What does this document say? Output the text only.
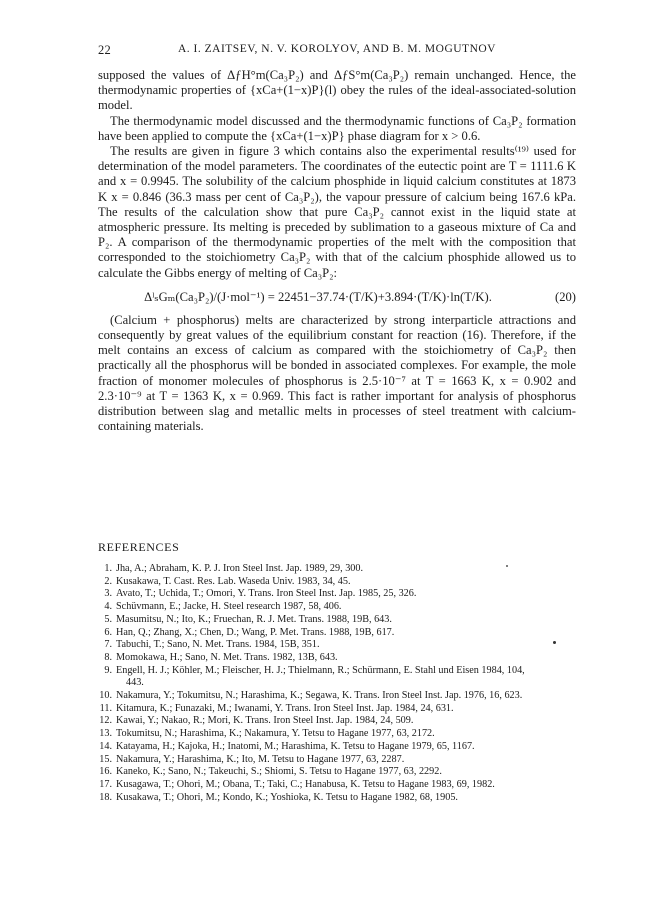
22	A. I. ZAITSEV, N. V. KOROLYOV, AND B. M. MOGUTNOV

supposed the values of ΔƒH°m(Ca₃P₂) and ΔƒS°m(Ca₃P₂) remain unchanged. Hence, the thermodynamic properties of {xCa+(1−x)P}(l) obey the rules of the ideal-associated-solution model.

The thermodynamic model discussed and the thermodynamic functions of Ca₃P₂ formation have been applied to compute the {xCa+(1−x)P} phase diagram for x > 0.6.

The results are given in figure 3 which contains also the experimental results⁽¹⁹⁾ used for determination of the model parameters. The coordinates of the eutectic point are T = 1111.6 K and x = 0.9945. The solubility of the calcium phosphide in liquid calcium constitutes at 1873 K x = 0.846 (36.3 mass per cent of Ca₃P₂), the vapour pressure of calcium being 167.6 kPa. The results of the calculation show that pure Ca₃P₂ cannot exist in the liquid state at atmospheric pressure. Its melting is preceded by sublimation to a gaseous mixture of Ca and P₂. A comparison of the thermodynamic properties of the melt with the composition that corresponded to the stoichiometry Ca₃P₂ with that of the calcium phosphide allowed us to calculate the Gibbs energy of melting of Ca₃P₂:

ΔˡₛGₘ(Ca₃P₂)/(J·mol⁻¹) = 22451−37.74·(T/K)+3.894·(T/K)·ln(T/K).	(20)

(Calcium + phosphorus) melts are characterized by strong interparticle attractions and consequently by great values of the equilibrium constant for reaction (16). Therefore, if the melt contains an excess of calcium as compared with the stoichiometry of Ca₃P₂ then practically all the phosphorus will be bonded in associated complexes. For example, the mole fraction of monomer molecules of phosphorus is 2.5·10⁻⁷ at T = 1663 K, x = 0.902 and 2.3·10⁻⁹ at T = 1363 K, x = 0.969. This fact is rather important for analysis of phosphorus distribution between slag and metallic melts in processes of steel treatment with calcium-containing materials.

REFERENCES
1. Jha, A.; Abraham, K. P. J. Iron Steel Inst. Jap. 1989, 29, 300.
2. Kusakawa, T. Cast. Res. Lab. Waseda Univ. 1983, 34, 45.
3. Avato, T.; Uchida, T.; Omori, Y. Trans. Iron Steel Inst. Jap. 1985, 25, 326.
4. Schüvmann, E.; Jacke, H. Steel research 1987, 58, 406.
5. Masumitsu, N.; Ito, K.; Fruechan, R. J. Met. Trans. 1988, 19B, 643.
6. Han, Q.; Zhang, X.; Chen, D.; Wang, P. Met. Trans. 1988, 19B, 617.
7. Tabuchi, T.; Sano, N. Met. Trans. 1984, 15B, 351.
8. Momokawa, H.; Sano, N. Met. Trans. 1982, 13B, 643.
9. Engell, H. J.; Köhler, M.; Fleischer, H. J.; Thielmann, R.; Schürmann, E. Stahl und Eisen 1984, 104,
443.
10. Nakamura, Y.; Tokumitsu, N.; Harashima, K.; Segawa, K. Trans. Iron Steel Inst. Jap. 1976, 16, 623.
11. Kitamura, K.; Funazaki, M.; Iwanami, Y. Trans. Iron Steel Inst. Jap. 1984, 24, 631.
12. Kawai, Y.; Nakao, R.; Mori, K. Trans. Iron Steel Inst. Jap. 1984, 24, 509.
13. Tokumitsu, N.; Harashima, K.; Nakamura, Y. Tetsu to Hagane 1977, 63, 2172.
14. Katayama, H.; Kajoka, H.; Inatomi, M.; Harashima, K. Tetsu to Hagane 1979, 65, 1167.
15. Nakamura, Y.; Harashima, K.; Ito, M. Tetsu to Hagane 1977, 63, 2287.
16. Kaneko, K.; Sano, N.; Takeuchi, S.; Shiomi, S. Tetsu to Hagane 1977, 63, 2292.
17. Kusagawa, T.; Ohori, M.; Obana, T.; Taki, C.; Hanabusa, K. Tetsu to Hagane 1983, 69, 1982.
18. Kusakawa, T.; Ohori, M.; Kondo, K.; Yoshioka, K. Tetsu to Hagane 1982, 68, 1905.
